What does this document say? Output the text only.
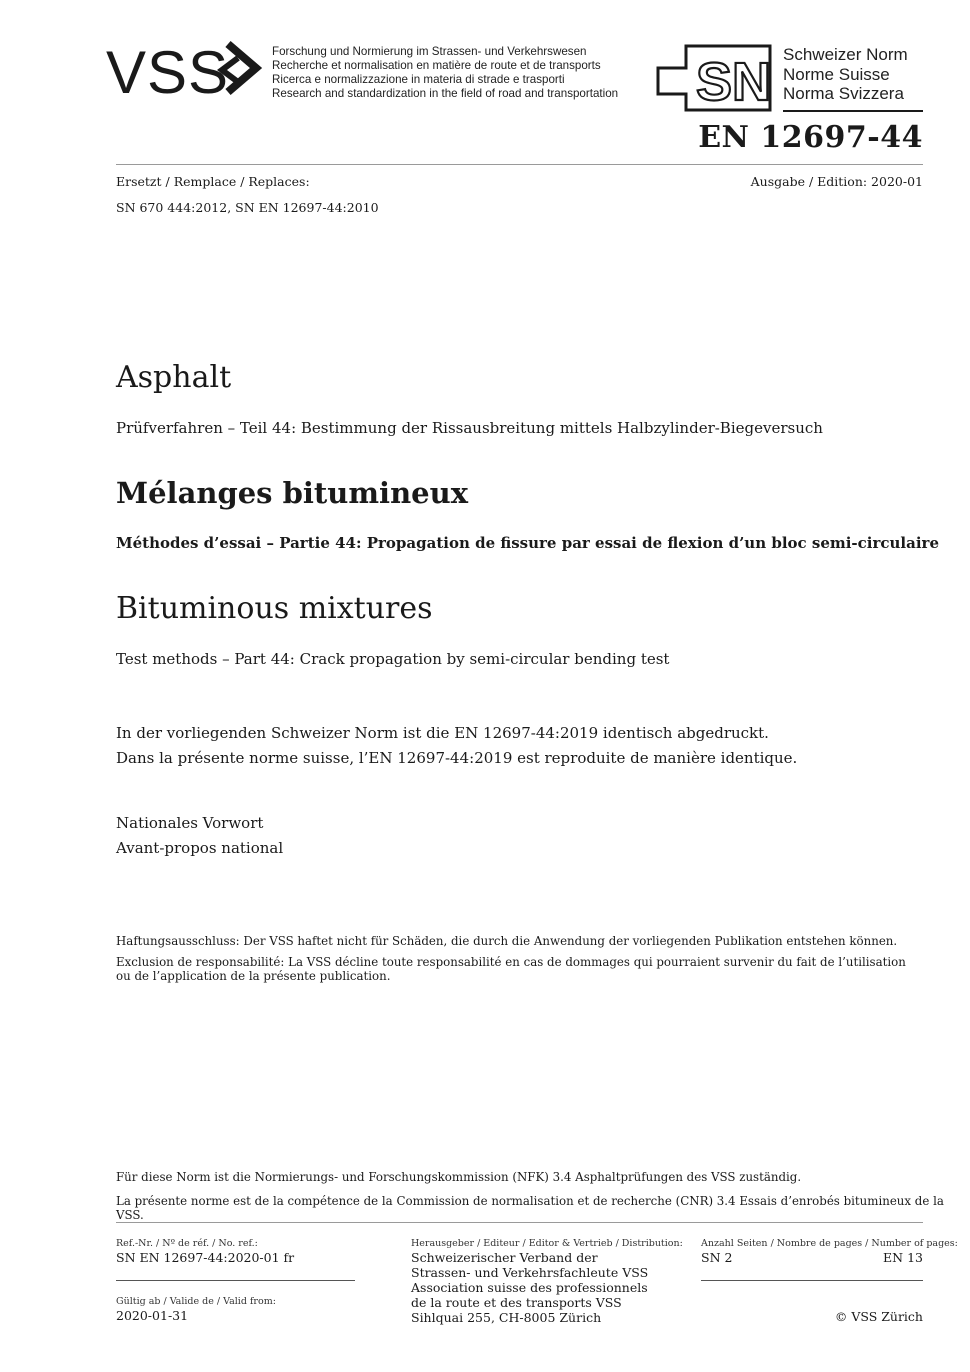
VSS	Forschung und Normierung im Strassen- und Verkehrswesen
Recherche et normalisation en matière de route et de transports
Ricerca e normalizzazione in materia di strade e trasporti
Research and standardization in the field of road and transportation SN Schweizer Norm
Norme Suisse
Norma Svizzera
EN 12697-44
Ersetzt / Remplace / Replaces:	Ausgabe / Edition: 2020-01
SN 670 444:2012, SN EN 12697-44:2010
Asphalt
Prüfverfahren – Teil 44: Bestimmung der Rissausbreitung mittels Halbzylinder-Biegeversuch
Mélanges bitumineux
Méthodes d’essai – Partie 44: Propagation de fissure par essai de flexion d’un bloc semi-circulaire
Bituminous mixtures
Test methods – Part 44: Crack propagation by semi-circular bending test
In der vorliegenden Schweizer Norm ist die EN 12697-44:2019 identisch abgedruckt.
Dans la présente norme suisse, l’EN 12697-44:2019 est reproduite de manière identique.
Nationales Vorwort
Avant-propos national
Haftungsausschluss: Der VSS haftet nicht für Schäden, die durch die Anwendung der vorliegenden Publikation entstehen können.
Exclusion de responsabilité: La VSS décline toute responsabilité en cas de dommages qui pourraient survenir du fait de l’utilisation
ou de l’application de la présente publication.
Für diese Norm ist die Normierungs- und Forschungskommission (NFK) 3.4 Asphaltprüfungen des VSS zuständig.
La présente norme est de la compétence de la Commission de normalisation et de recherche (CNR) 3.4 Essais d’enrobés bitumineux de la VSS.
Ref.-Nr. / Nº de réf. / No. ref.:
SN EN 12697-44:2020-01 fr
Gültig ab / Valide de / Valid from:
2020-01-31
Herausgeber / Editeur / Editor & Vertrieb / Distribution:
Schweizerischer Verband der
Strassen- und Verkehrsfachleute VSS
Association suisse des professionnels
de la route et des transports VSS
Sihlquai 255, CH-8005 Zürich
Anzahl Seiten / Nombre de pages / Number of pages:
SN 2	EN 13
© VSS Zürich
